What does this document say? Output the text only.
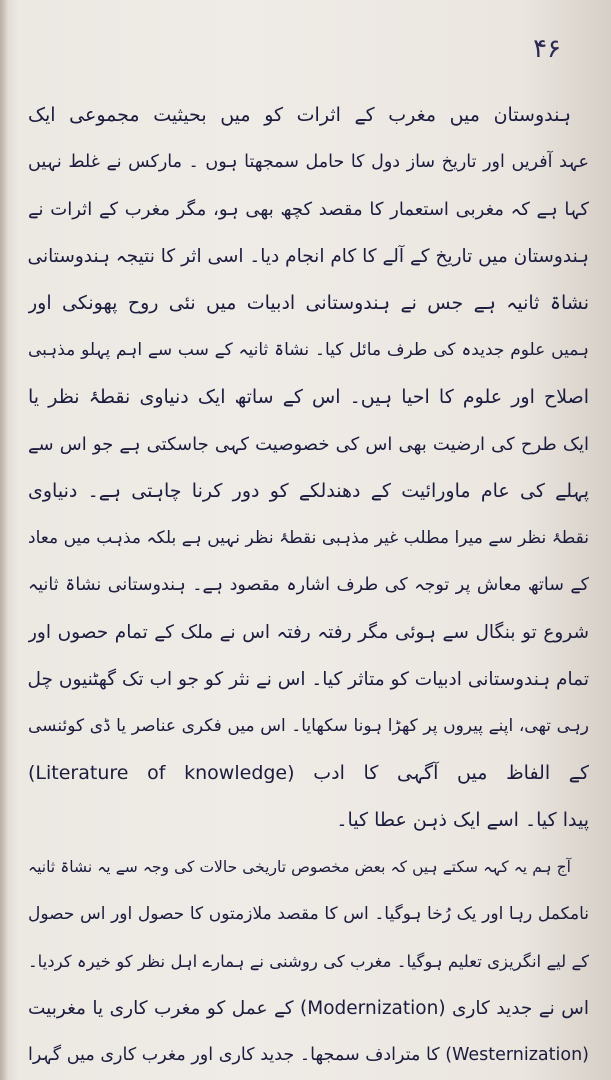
۴۶
ہندوستان میں مغرب کے اثرات کو میں بحیثیت مجموعی ایک
عہد آفریں اور تاریخ ساز دول کا حامل سمجھتا ہوں ۔ مارکس نے غلط نہیں
کہا ہے کہ مغربی استعمار کا مقصد کچھ بھی ہو، مگر مغرب کے اثرات نے
ہندوستان میں تاریخ کے آلے کا کام انجام دیا۔ اسی اثر کا نتیجہ ہندوستانی
نشاۃ ثانیہ ہے جس نے ہندوستانی ادبیات میں نئی روح پھونکی اور
ہمیں علوم جدیدہ کی طرف مائل کیا۔ نشاۃ ثانیہ کے سب سے اہم پہلو مذہبی
اصلاح اور علوم کا احیا ہیں۔ اس کے ساتھ ایک دنیاوی نقطۂ نظر یا
ایک طرح کی ارضیت بھی اس کی خصوصیت کہی جاسکتی ہے جو اس سے
پہلے کی عام ماورائیت کے دھندلکے کو دور کرنا چاہتی ہے۔ دنیاوی
نقطۂ نظر سے میرا مطلب غیر مذہبی نقطۂ نظر نہیں ہے بلکہ مذہب میں معاد
کے ساتھ معاش پر توجہ کی طرف اشارہ مقصود ہے۔ ہندوستانی نشاۃ ثانیہ
شروع تو بنگال سے ہوئی مگر رفتہ رفتہ اس نے ملک کے تمام حصوں اور
تمام ہندوستانی ادبیات کو متاثر کیا۔ اس نے نثر کو جو اب تک گھٹنیوں چل
رہی تھی، اپنے پیروں پر کھڑا ہونا سکھایا۔ اس میں فکری عناصر یا ڈی کوئنسی
کے الفاظ میں آگہی کا ادب (Literature of knowledge)
پیدا کیا۔ اسے ایک ذہن عطا کیا۔
آج ہم یہ کہہ سکتے ہیں کہ بعض مخصوص تاریخی حالات کی وجہ سے یہ نشاۃ ثانیہ
نامکمل رہا اور یک رُخا ہوگیا۔ اس کا مقصد ملازمتوں کا حصول اور اس حصول
کے لیے انگریزی تعلیم ہوگیا۔ مغرب کی روشنی نے ہمارے اہل نظر کو خیرہ کردیا۔
اس نے جدید کاری (Modernization) کے عمل کو مغرب کاری یا مغربیت
(Westernization) کا مترادف سمجھا۔ جدید کاری اور مغرب کاری میں گہرا
